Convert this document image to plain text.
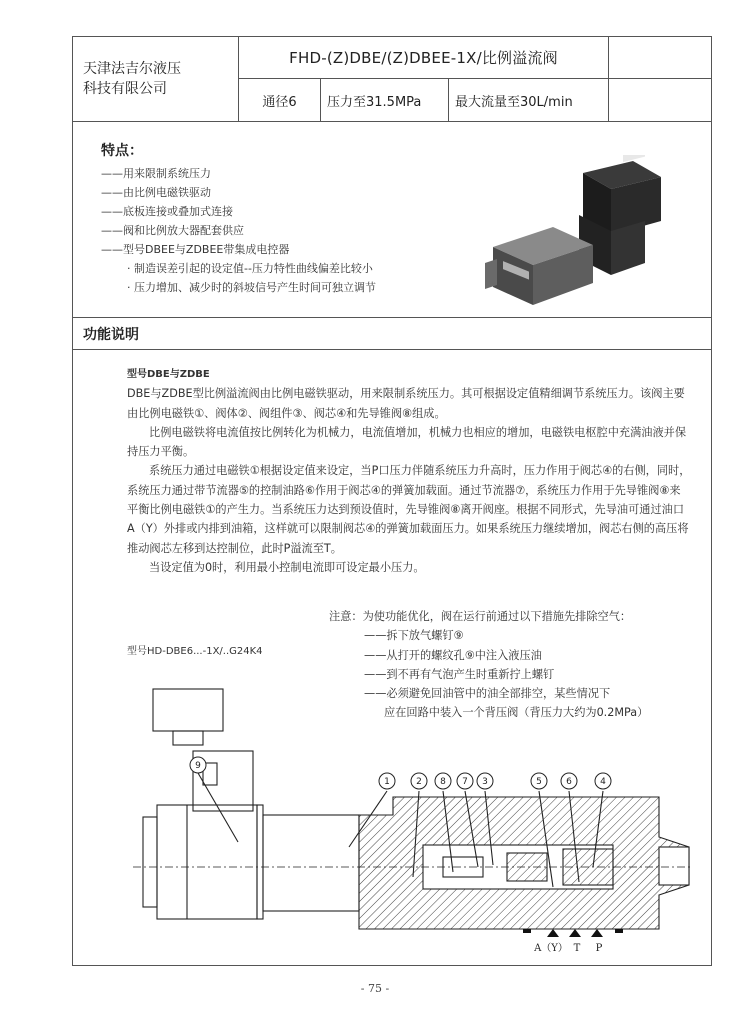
天津法吉尔液压
科技有限公司
FHD-(Z)DBE/(Z)DBEE-1X/比例溢流阀
通径6	压力至31.5MPa	最大流量至30L/min
特点：
——用来限制系统压力
——由比例电磁铁驱动
——底板连接或叠加式连接
——阀和比例放大器配套供应
——型号DBEE与ZDBEE带集成电控器
· 制造误差引起的设定值--压力特性曲线偏差比较小
· 压力增加、减少时的斜坡信号产生时间可独立调节
功能说明

型号DBE与ZDBE

DBE与ZDBE型比例溢流阀由比例电磁铁驱动，用来限制系统压力。其可根据设定值精细调节系统压力。该阀主要由比例电磁铁①、阀体②、阀组件③、阀芯④和先导锥阀⑧组成。

比例电磁铁将电流值按比例转化为机械力，电流值增加，机械力也相应的增加，电磁铁电枢腔中充满油液并保持压力平衡。

系统压力通过电磁铁①根据设定值来设定，当P口压力伴随系统压力升高时，压力作用于阀芯④的右侧，同时，系统压力通过带节流器⑤的控制油路⑥作用于阀芯④的弹簧加载面。通过节流器⑦，系统压力作用于先导锥阀⑧来平衡比例电磁铁①的产生力。当系统压力达到预设值时，先导锥阀⑧离开阀座。根据不同形式，先导油可通过油口A（Y）外排或内排到油箱，这样就可以限制阀芯④的弹簧加载面压力。如果系统压力继续增加，阀芯右侧的高压将推动阀芯左移到达控制位，此时P溢流至T。

当设定值为0时，利用最小控制电流即可设定最小压力。

注意：为使功能优化，阀在运行前通过以下措施先排除空气：
——拆下放气螺钉⑨
——从打开的螺纹孔⑨中注入液压油
——到不再有气泡产生时重新拧上螺钉
——必须避免回油管中的油全部排空，某些情况下
应在回路中装入一个背压阀（背压力大约为0.2MPa）
型号HD-DBE6...-1X/..G24K4
9
1	2 8 7 3	5	6	4
A（Y） T P
- 75 -
